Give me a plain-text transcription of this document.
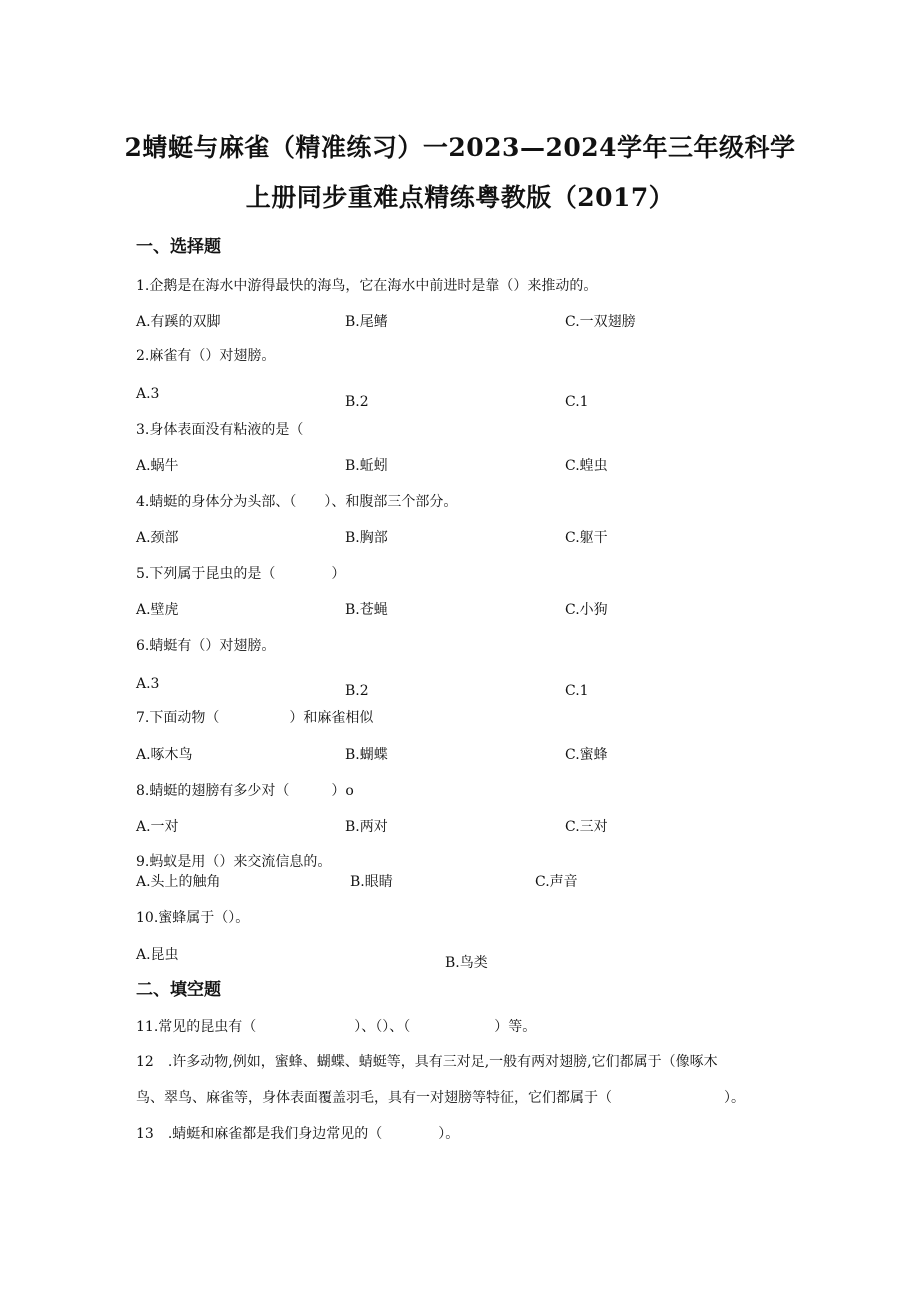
2蜻蜓与麻雀（精准练习）一2023—2024学年三年级科学
上册同步重难点精练粤教版（2017）
一、选择题
1.企鹅是在海水中游得最快的海鸟，它在海水中前进时是靠（）来推动的。
A.有蹊的双脚	B.尾鳍	C.一双翅膀
2.麻雀有（）对翅膀。
A.3	B.2	C.1
3.身体表面没有粘液的是（
A.蜗牛	B.蚯蚓	C.蝗虫
4.蜻蜓的身体分为头部、（　　）、和腹部三个部分。
A.颈部	B.胸部	C.躯干
5.下列属于昆虫的是（　　　　）
A.壁虎	B.苍蝇	C.小狗
6.蜻蜓有（）对翅膀。
A.3	B.2	C.1
7.下面动物（　　　　　）和麻雀相似
A.啄木鸟	B.蝴蝶	C.蜜蜂
8.蜻蜓的翅膀有多少对（　　　）o
A.一对	B.两对	C.三对
9.蚂蚁是用（）来交流信息的。
A.头上的触角	B.眼睛	C.声音
10.蜜蜂属于（）。
A.昆虫	B.鸟类
二、填空题
11.常见的昆虫有（　　　　　　　）、（）、（　　　　　　）等。
12　.许多动物,例如，蜜蜂、蝴蝶、蜻蜓等，具有三对足,一般有两对翅膀,它们都属于（像啄木
鸟、翠鸟、麻雀等，身体表面覆盖羽毛，具有一对翅膀等特征，它们都属于（　　　　　　　　）。
13　.蜻蜓和麻雀都是我们身边常见的（　　　　）。
